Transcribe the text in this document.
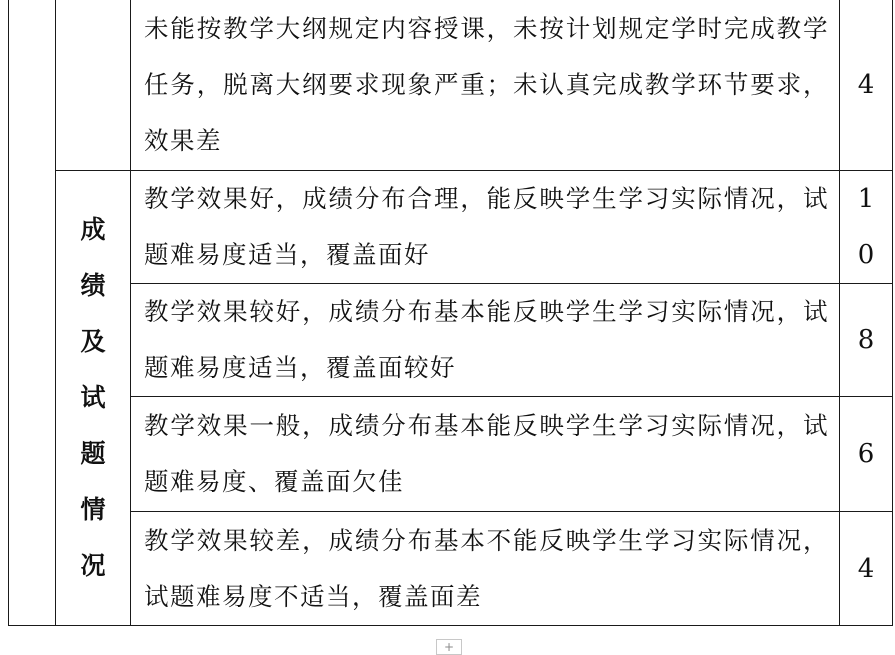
		未能按教学大纲规定内容授课，未按计划规定学时完成教学任务，脱离大纲要求现象严重；未认真完成教学环节要求，效果差	4

	成绩及试题情况	教学效果好，成绩分布合理，能反映学生学习实际情况，试题难易度适当，覆盖面好	10

		教学效果较好，成绩分布基本能反映学生学习实际情况，试题难易度适当，覆盖面较好	8

		教学效果一般，成绩分布基本能反映学生学习实际情况，试题难易度、覆盖面欠佳	6

		教学效果较差，成绩分布基本不能反映学生学习实际情况，试题难易度不适当，覆盖面差	4
+
